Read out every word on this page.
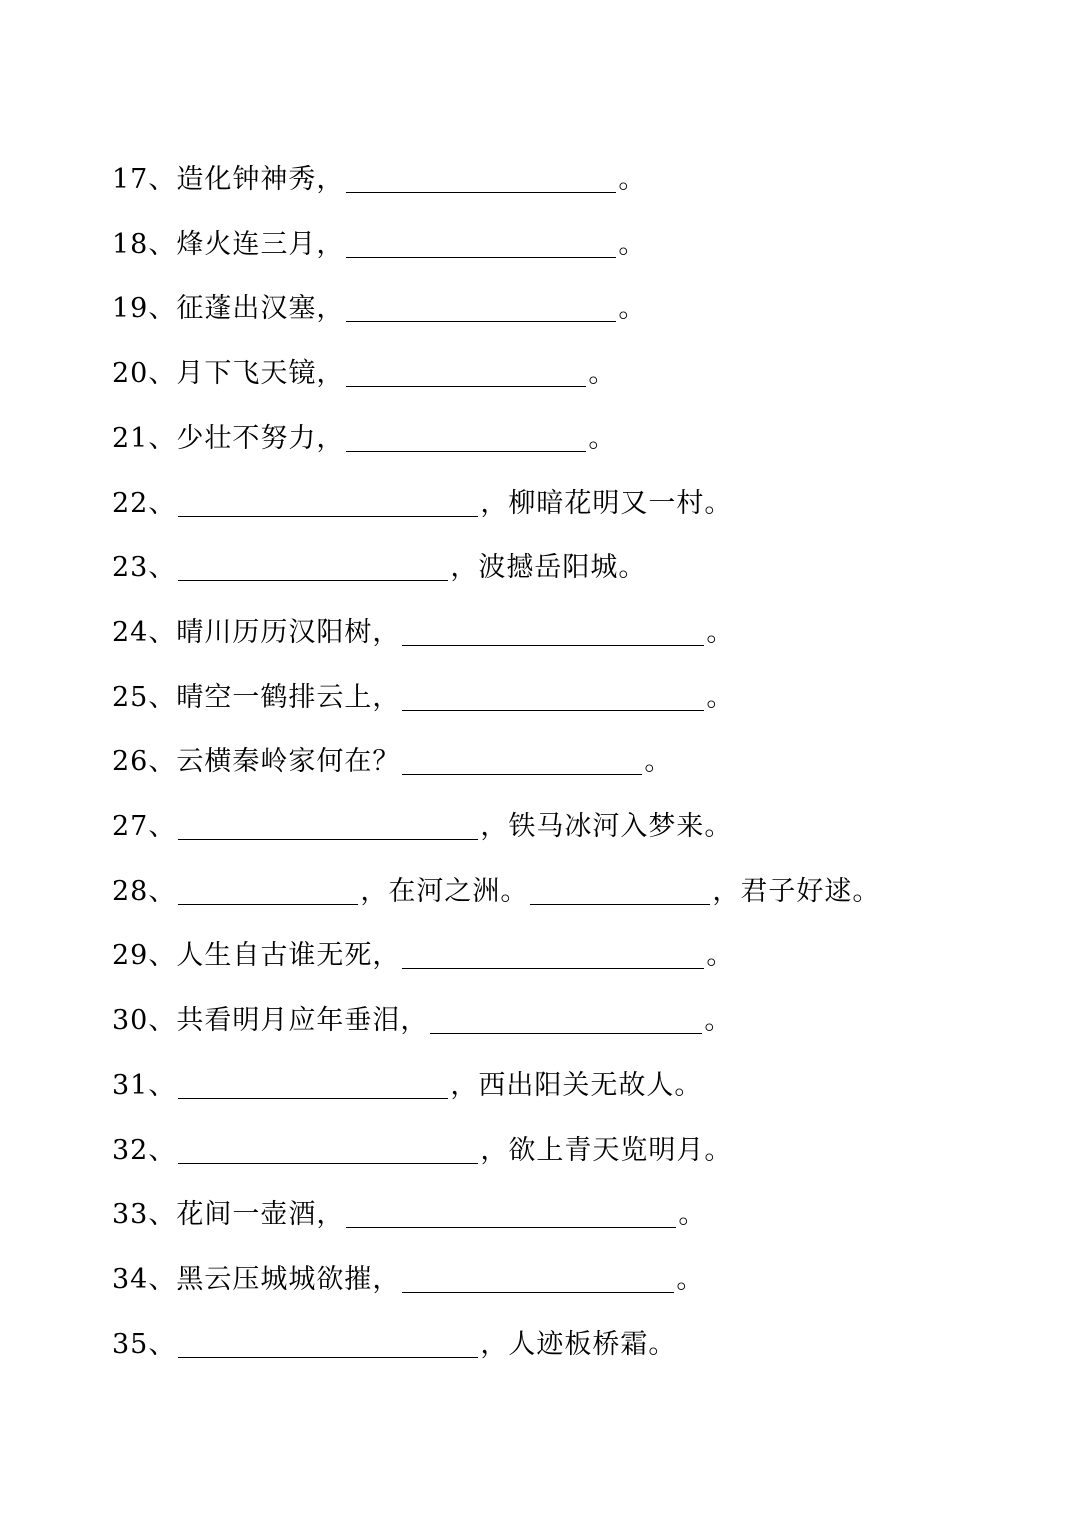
17、 造化钟神秀，	。
18、 烽火连三月，	。
19、 征蓬出汉塞，	。
20、 月下飞天镜，	。
21、 少壮不努力，	。
22、	，柳暗花明又一村。
23、	，波撼岳阳城。
24、 晴川历历汉阳树，	。
25、 晴空一鹤排云上，	。
26、 云横秦岭家何在？	。
27、	，铁马冰河入梦来。
28、	，在河之洲。	，君子好逑。
29、 人生自古谁无死，	。
30、 共看明月应年垂泪，	。
31、	，西出阳关无故人。
32、	，欲上青天览明月。
33、 花间一壶酒，	。
34、 黑云压城城欲摧，	。
35、	，人迹板桥霜。
